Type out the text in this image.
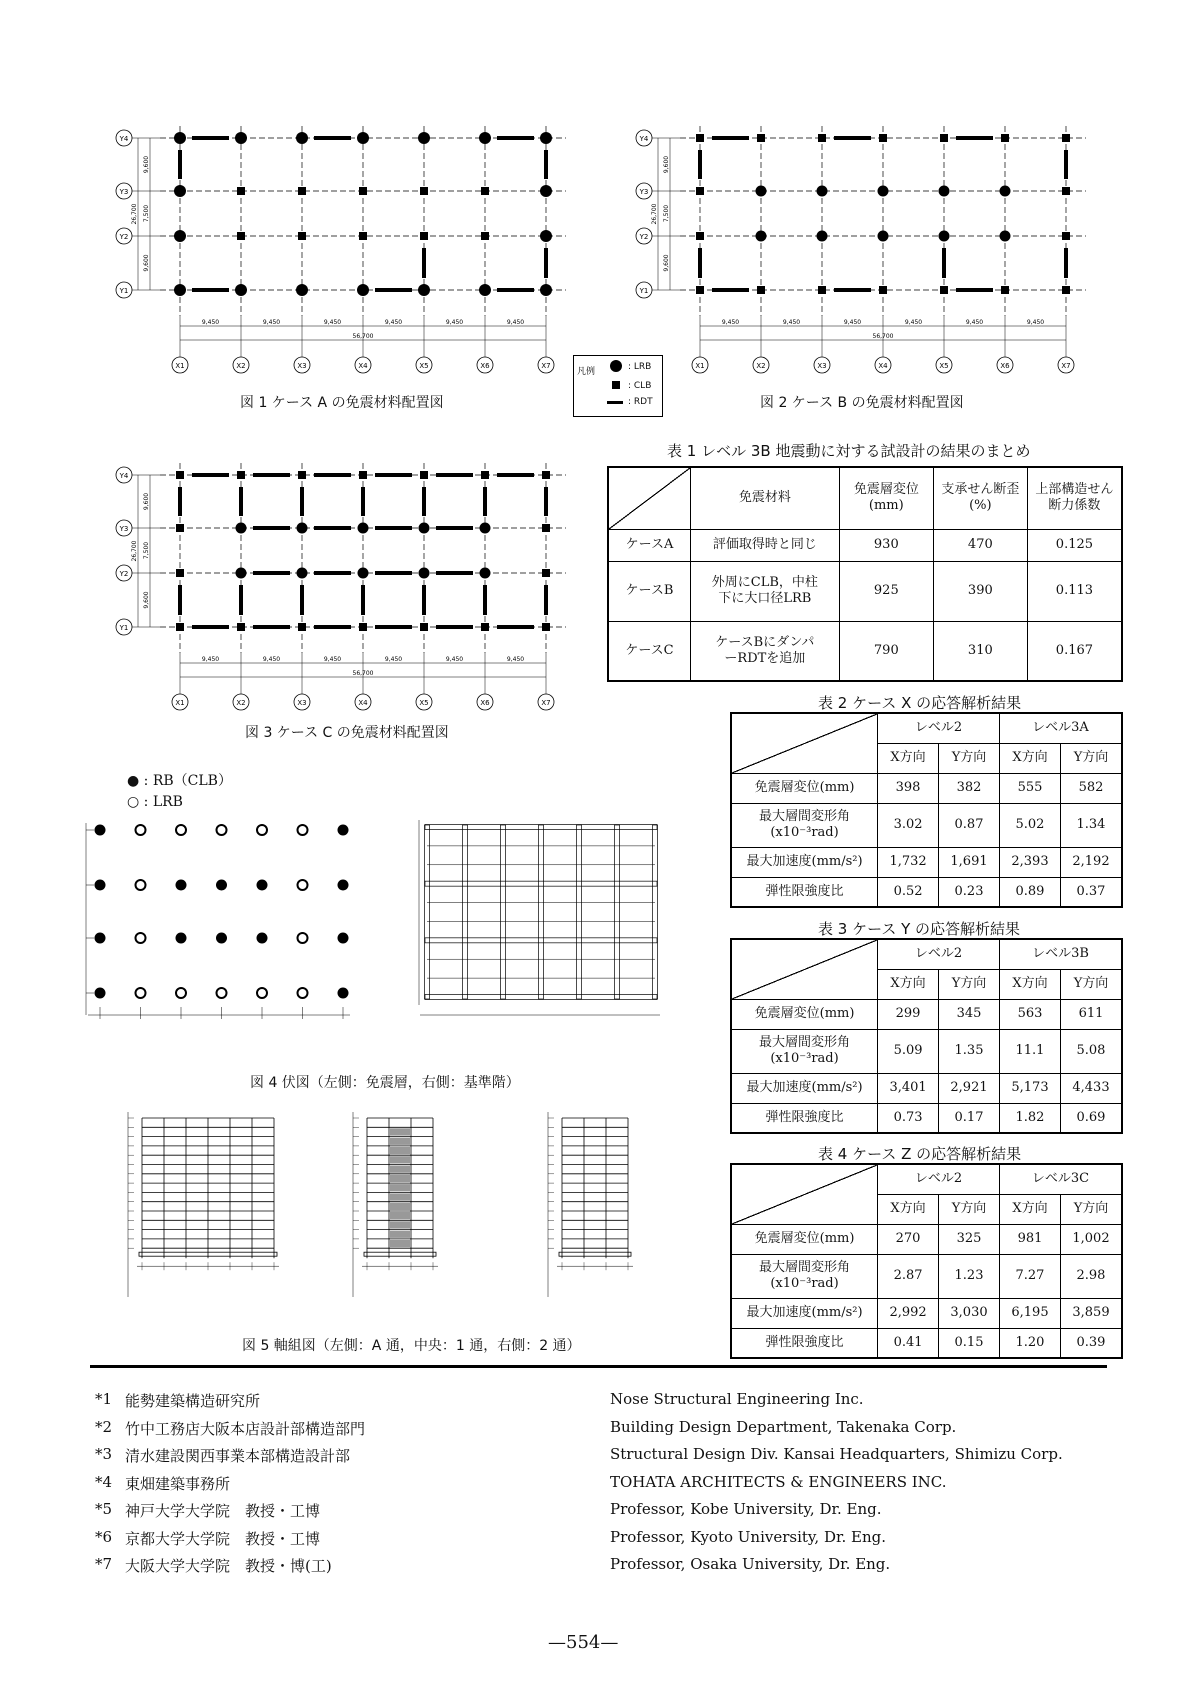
Y4
Y3
Y2
Y1
X1	X2	X3	X4	X5	X6	X7
9,450	9,450	9,450	9,450	9,450	9,450
56,700
9,600
7,500
9,600
26,700
図 1 ケース A の免震材料配置図
凡例	: LRB
: CLB
: RDT
Y4
Y3
Y2
Y1
X1	X2	X3	X4	X5	X6	X7
9,450	9,450	9,450	9,450	9,450	9,450
56,700
9,600
7,500
9,600
26,700
図 2 ケース B の免震材料配置図
Y4
Y3
Y2
Y1
X1	X2	X3	X4	X5	X6	X7
9,450	9,450	9,450	9,450	9,450	9,450
56,700
9,600
7,500
9,600
26,700
図 3 ケース C の免震材料配置図
表 1 レベル 3B 地震動に対する試設計の結果のまとめ
	免震材料	免震層変位(mm)	支承せん断歪(%)	上部構造せん断力係数
ケースA	評価取得時と同じ	930	470	0.125
ケースB	外周にCLB，中柱下に大口径LRB	925	390	0.113
ケースC	ケースBにダンパーRDTを追加	790	310	0.167
表 2 ケース X の応答解析結果
	レベル2		レベル3A	
	X方向	Y方向	X方向	Y方向
免震層変位(mm)	398	382	555	582
最大層間変形角(x10⁻³rad)	3.02	0.87	5.02	1.34
最大加速度(mm/s²)	1,732	1,691	2,393	2,192
弾性限強度比	0.52	0.23	0.89	0.37
表 3 ケース Y の応答解析結果
	レベル2		レベル3B	
	X方向	Y方向	X方向	Y方向
免震層変位(mm)	299	345	563	611
最大層間変形角(x10⁻³rad)	5.09	1.35	11.1	5.08
最大加速度(mm/s²)	3,401	2,921	5,173	4,433
弾性限強度比	0.73	0.17	1.82	0.69
表 4 ケース Z の応答解析結果
	レベル2		レベル3C	
	X方向	Y方向	X方向	Y方向
免震層変位(mm)	270	325	981	1,002
最大層間変形角(x10⁻³rad)	2.87	1.23	7.27	2.98
最大加速度(mm/s²)	2,992	3,030	6,195	3,859
弾性限強度比	0.41	0.15	1.20	0.39
● : RB（CLB）
○ : LRB
図 4 伏図（左側：免震層，右側：基準階）
図 5 軸組図（左側：A 通，中央：1 通，右側：2 通）
*1 能勢建築構造研究所	Nose Structural Engineering Inc.
*2 竹中工務店大阪本店設計部構造部門	Building Design Department, Takenaka Corp.
*3 清水建設関西事業本部構造設計部	Structural Design Div. Kansai Headquarters, Shimizu Corp.
*4 東畑建築事務所	TOHATA ARCHITECTS & ENGINEERS INC.
*5 神戸大学大学院　教授・工博	Professor, Kobe University, Dr. Eng.
*6 京都大学大学院　教授・工博	Professor, Kyoto University, Dr. Eng.
*7 大阪大学大学院　教授・博(工)	Professor, Osaka University, Dr. Eng.
—554—
